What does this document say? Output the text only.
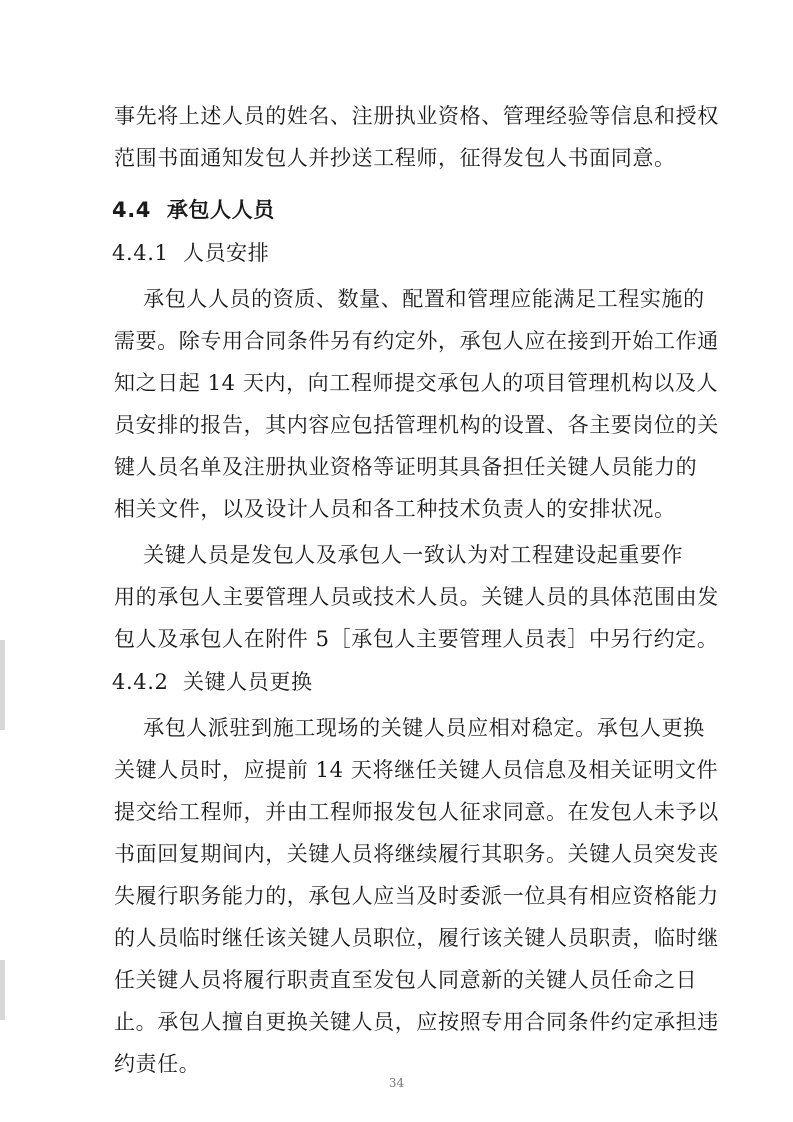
事先将上述人员的姓名、注册执业资格、管理经验等信息和授权
范围书面通知发包人并抄送工程师，征得发包人书面同意。
4.4  承包人人员
4.4.1  人员安排
承包人人员的资质、数量、配置和管理应能满足工程实施的
需要。除专用合同条件另有约定外，承包人应在接到开始工作通
知之日起 14 天内，向工程师提交承包人的项目管理机构以及人
员安排的报告，其内容应包括管理机构的设置、各主要岗位的关
键人员名单及注册执业资格等证明其具备担任关键人员能力的
相关文件，以及设计人员和各工种技术负责人的安排状况。
关键人员是发包人及承包人一致认为对工程建设起重要作
用的承包人主要管理人员或技术人员。关键人员的具体范围由发
包人及承包人在附件 5［承包人主要管理人员表］中另行约定。
4.4.2  关键人员更换
承包人派驻到施工现场的关键人员应相对稳定。承包人更换
关键人员时，应提前 14 天将继任关键人员信息及相关证明文件
提交给工程师，并由工程师报发包人征求同意。在发包人未予以
书面回复期间内，关键人员将继续履行其职务。关键人员突发丧
失履行职务能力的，承包人应当及时委派一位具有相应资格能力
的人员临时继任该关键人员职位，履行该关键人员职责，临时继
任关键人员将履行职责直至发包人同意新的关键人员任命之日
止。承包人擅自更换关键人员，应按照专用合同条件约定承担违
约责任。
34
